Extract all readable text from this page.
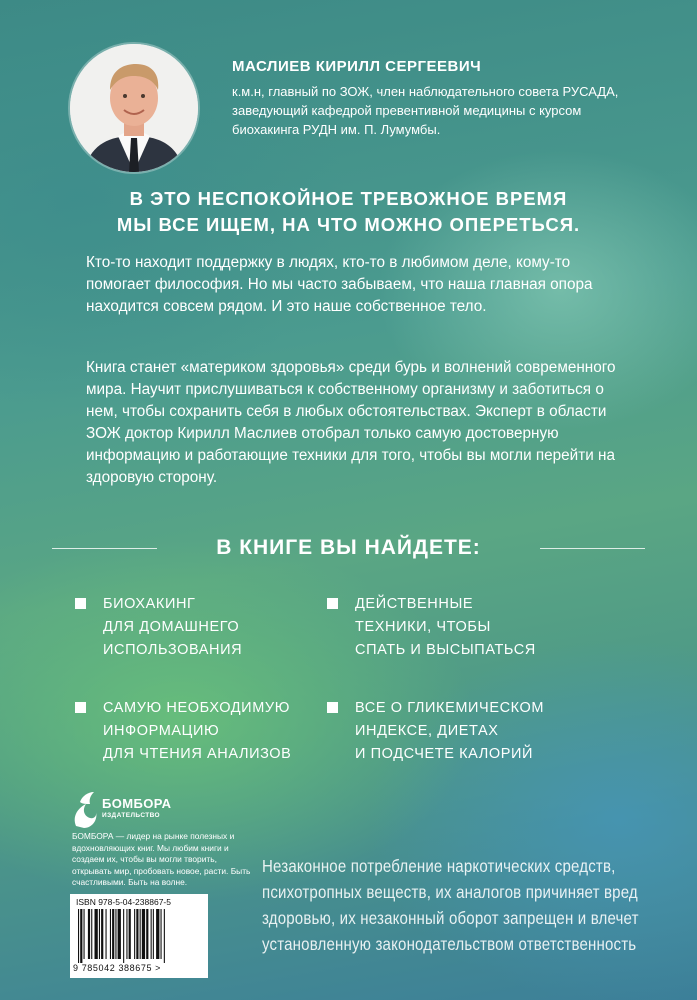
МАСЛИЕВ КИРИЛЛ СЕРГЕЕВИЧ
к.м.н, главный по ЗОЖ, член наблюдательного совета РУСАДА, заведующий кафедрой превентивной медицины с курсом биохакинга РУДН им. П. Лумумбы.
В ЭТО НЕСПОКОЙНОЕ ТРЕВОЖНОЕ ВРЕМЯ
МЫ ВСЕ ИЩЕМ, НА ЧТО МОЖНО ОПЕРЕТЬСЯ.
Кто-то находит поддержку в людях, кто-то в любимом деле, кому-то помогает философия. Но мы часто забываем, что наша главная опора находится совсем рядом. И это наше собственное тело.
Книга станет «материком здоровья» среди бурь и волнений современного мира. Научит прислушиваться к собственному организму и заботиться о нем, чтобы сохранить себя в любых обстоятельствах. Эксперт в области ЗОЖ доктор Кирилл Маслиев отобрал только самую достоверную информацию и работающие техники для того, чтобы вы могли перейти на здоровую сторону.
В КНИГЕ ВЫ НАЙДЕТЕ:
БИОХАКИНГ
ДЛЯ ДОМАШНЕГО
ИСПОЛЬЗОВАНИЯ
ДЕЙСТВЕННЫЕ
ТЕХНИКИ, ЧТОБЫ
СПАТЬ И ВЫСЫПАТЬСЯ
САМУЮ НЕОБХОДИМУЮ
ИНФОРМАЦИЮ
ДЛЯ ЧТЕНИЯ АНАЛИЗОВ
ВСЕ О ГЛИКЕМИЧЕСКОМ
ИНДЕКСЕ, ДИЕТАХ
И ПОДСЧЕТЕ КАЛОРИЙ
БОМБОРА
ИЗДАТЕЛЬСТВО
БОМБОРА — лидер на рынке полезных и вдохновляющих книг. Мы любим книги и создаем их, чтобы вы могли творить, открывать мир, пробовать новое, расти. Быть счастливыми. Быть на волне.
ISBN 978-5-04-238867-5
9 785042 388675 >
Незаконное потребление наркотических средств, психотропных веществ, их аналогов причиняет вред здоровью, их незаконный оборот запрещен и влечет установленную законодательством ответственность
